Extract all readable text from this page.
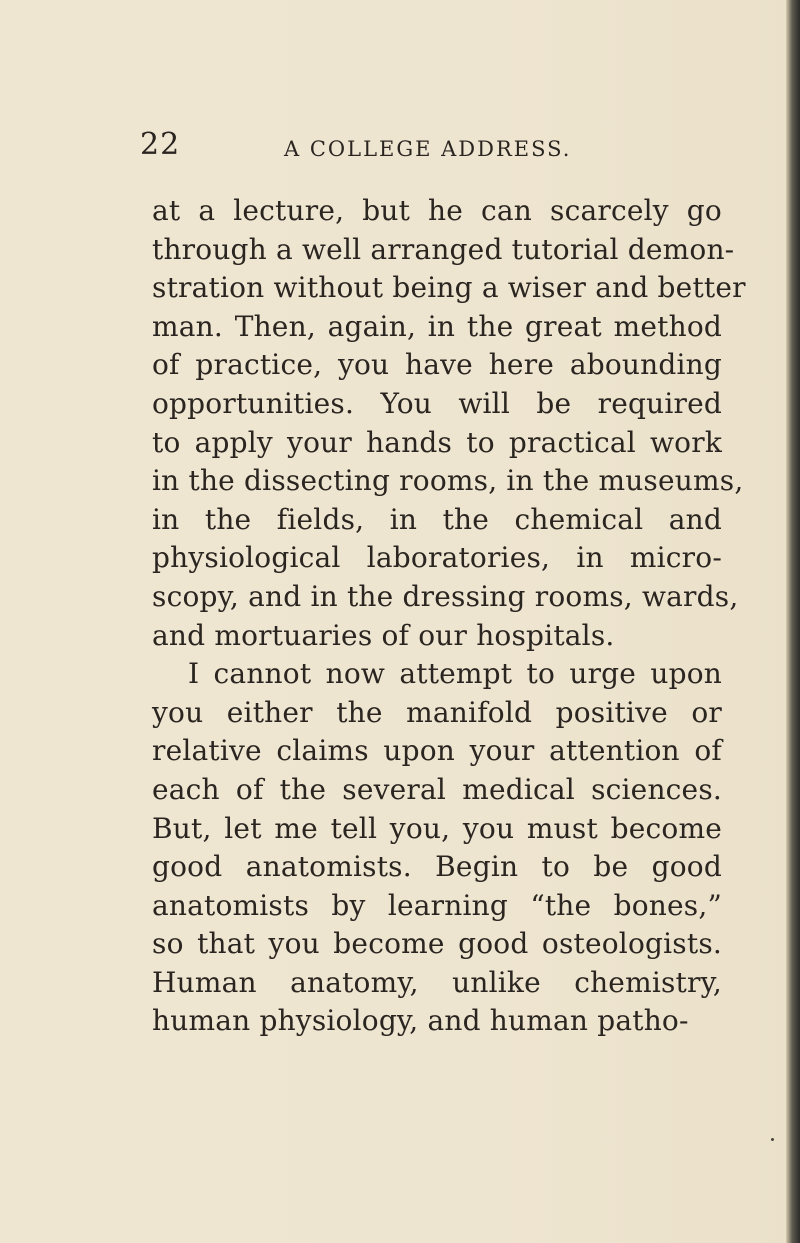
22	A COLLEGE ADDRESS.
at a lecture, but he can scarcely go
through a well arranged tutorial demon-
stration without being a wiser and better
man. Then, again, in the great method
of practice, you have here abounding
opportunities. You will be required
to apply your hands to practical work
in the dissecting rooms, in the museums,
in the fields, in the chemical and
physiological laboratories, in micro-
scopy, and in the dressing rooms, wards,
and mortuaries of our hospitals.
I cannot now attempt to urge upon
you either the manifold positive or
relative claims upon your attention of
each of the several medical sciences.
But, let me tell you, you must become
good anatomists. Begin to be good
anatomists by learning “the bones,”
so that you become good osteologists.
Human anatomy, unlike chemistry,
human physiology, and human patho-
